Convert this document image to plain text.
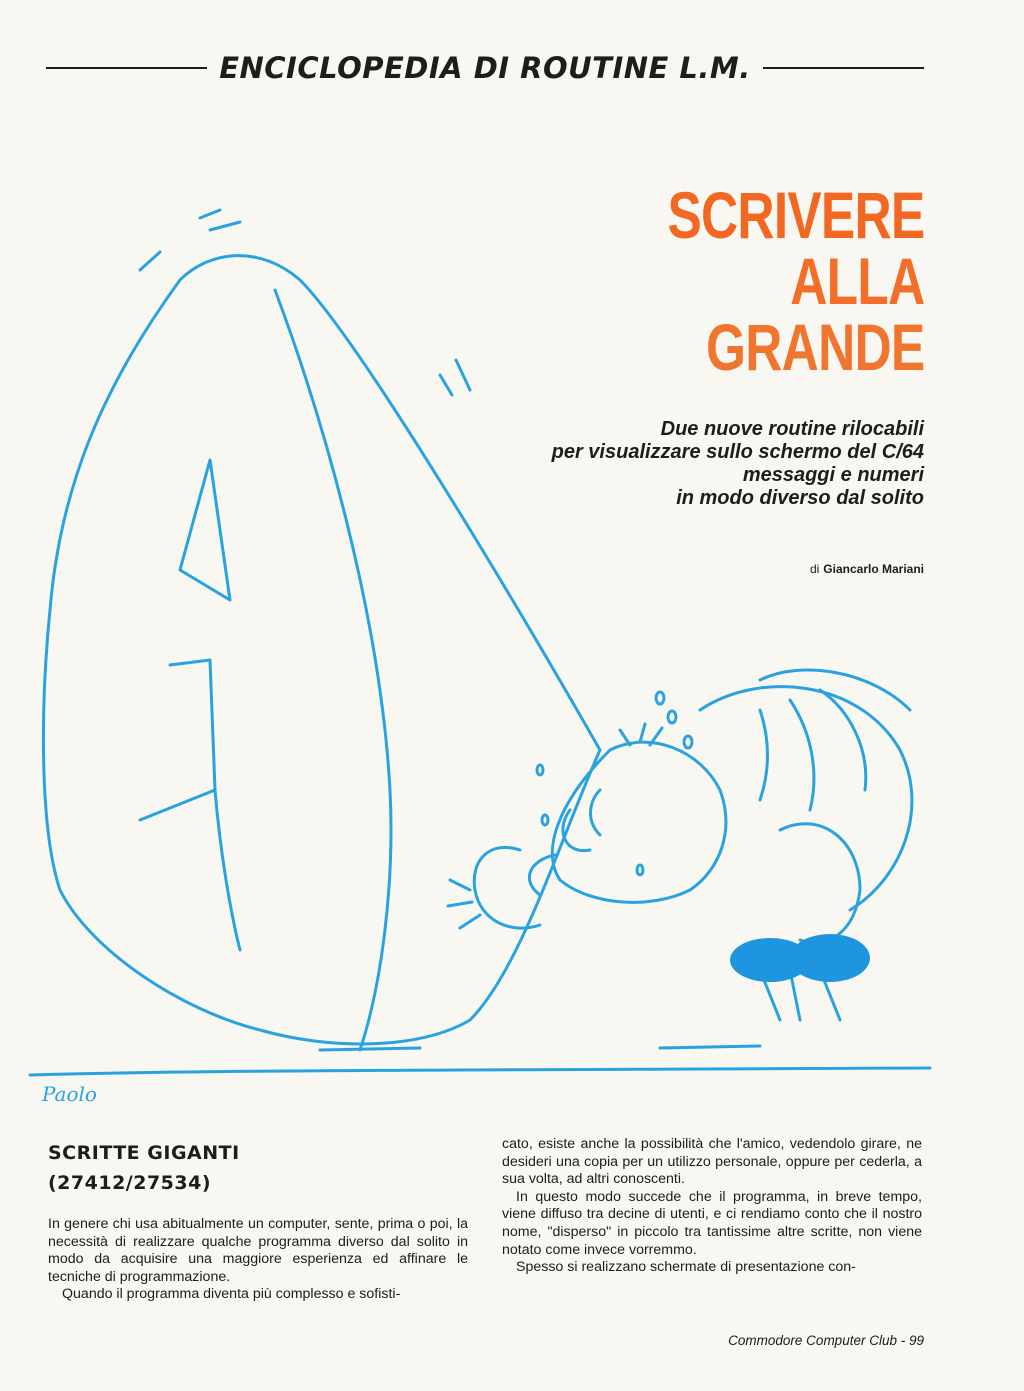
ENCICLOPEDIA DI ROUTINE L.M.
Paolo
SCRIVERE
ALLA
GRANDE
Due nuove routine rilocabili
per visualizzare sullo schermo del C/64
messaggi e numeri
in modo diverso dal solito
di Giancarlo Mariani
SCRITTE GIGANTI
(27412/27534)

In genere chi usa abitualmente un computer, sente, prima o poi, la necessità di realizzare qualche programma diverso dal solito in modo da acquisire una maggiore esperienza ed affinare le tecniche di programmazione.

Quando il programma diventa più complesso e sofisti-

cato, esiste anche la possibilità che l'amico, vedendolo girare, ne desideri una copia per un utilizzo personale, oppure per cederla, a sua volta, ad altri conoscenti.

In questo modo succede che il programma, in breve tempo, viene diffuso tra decine di utenti, e ci rendiamo conto che il nostro nome, "disperso" in piccolo tra tantissime altre scritte, non viene notato come invece vorremmo.

Spesso si realizzano schermate di presentazione con-

Commodore Computer Club - 99
